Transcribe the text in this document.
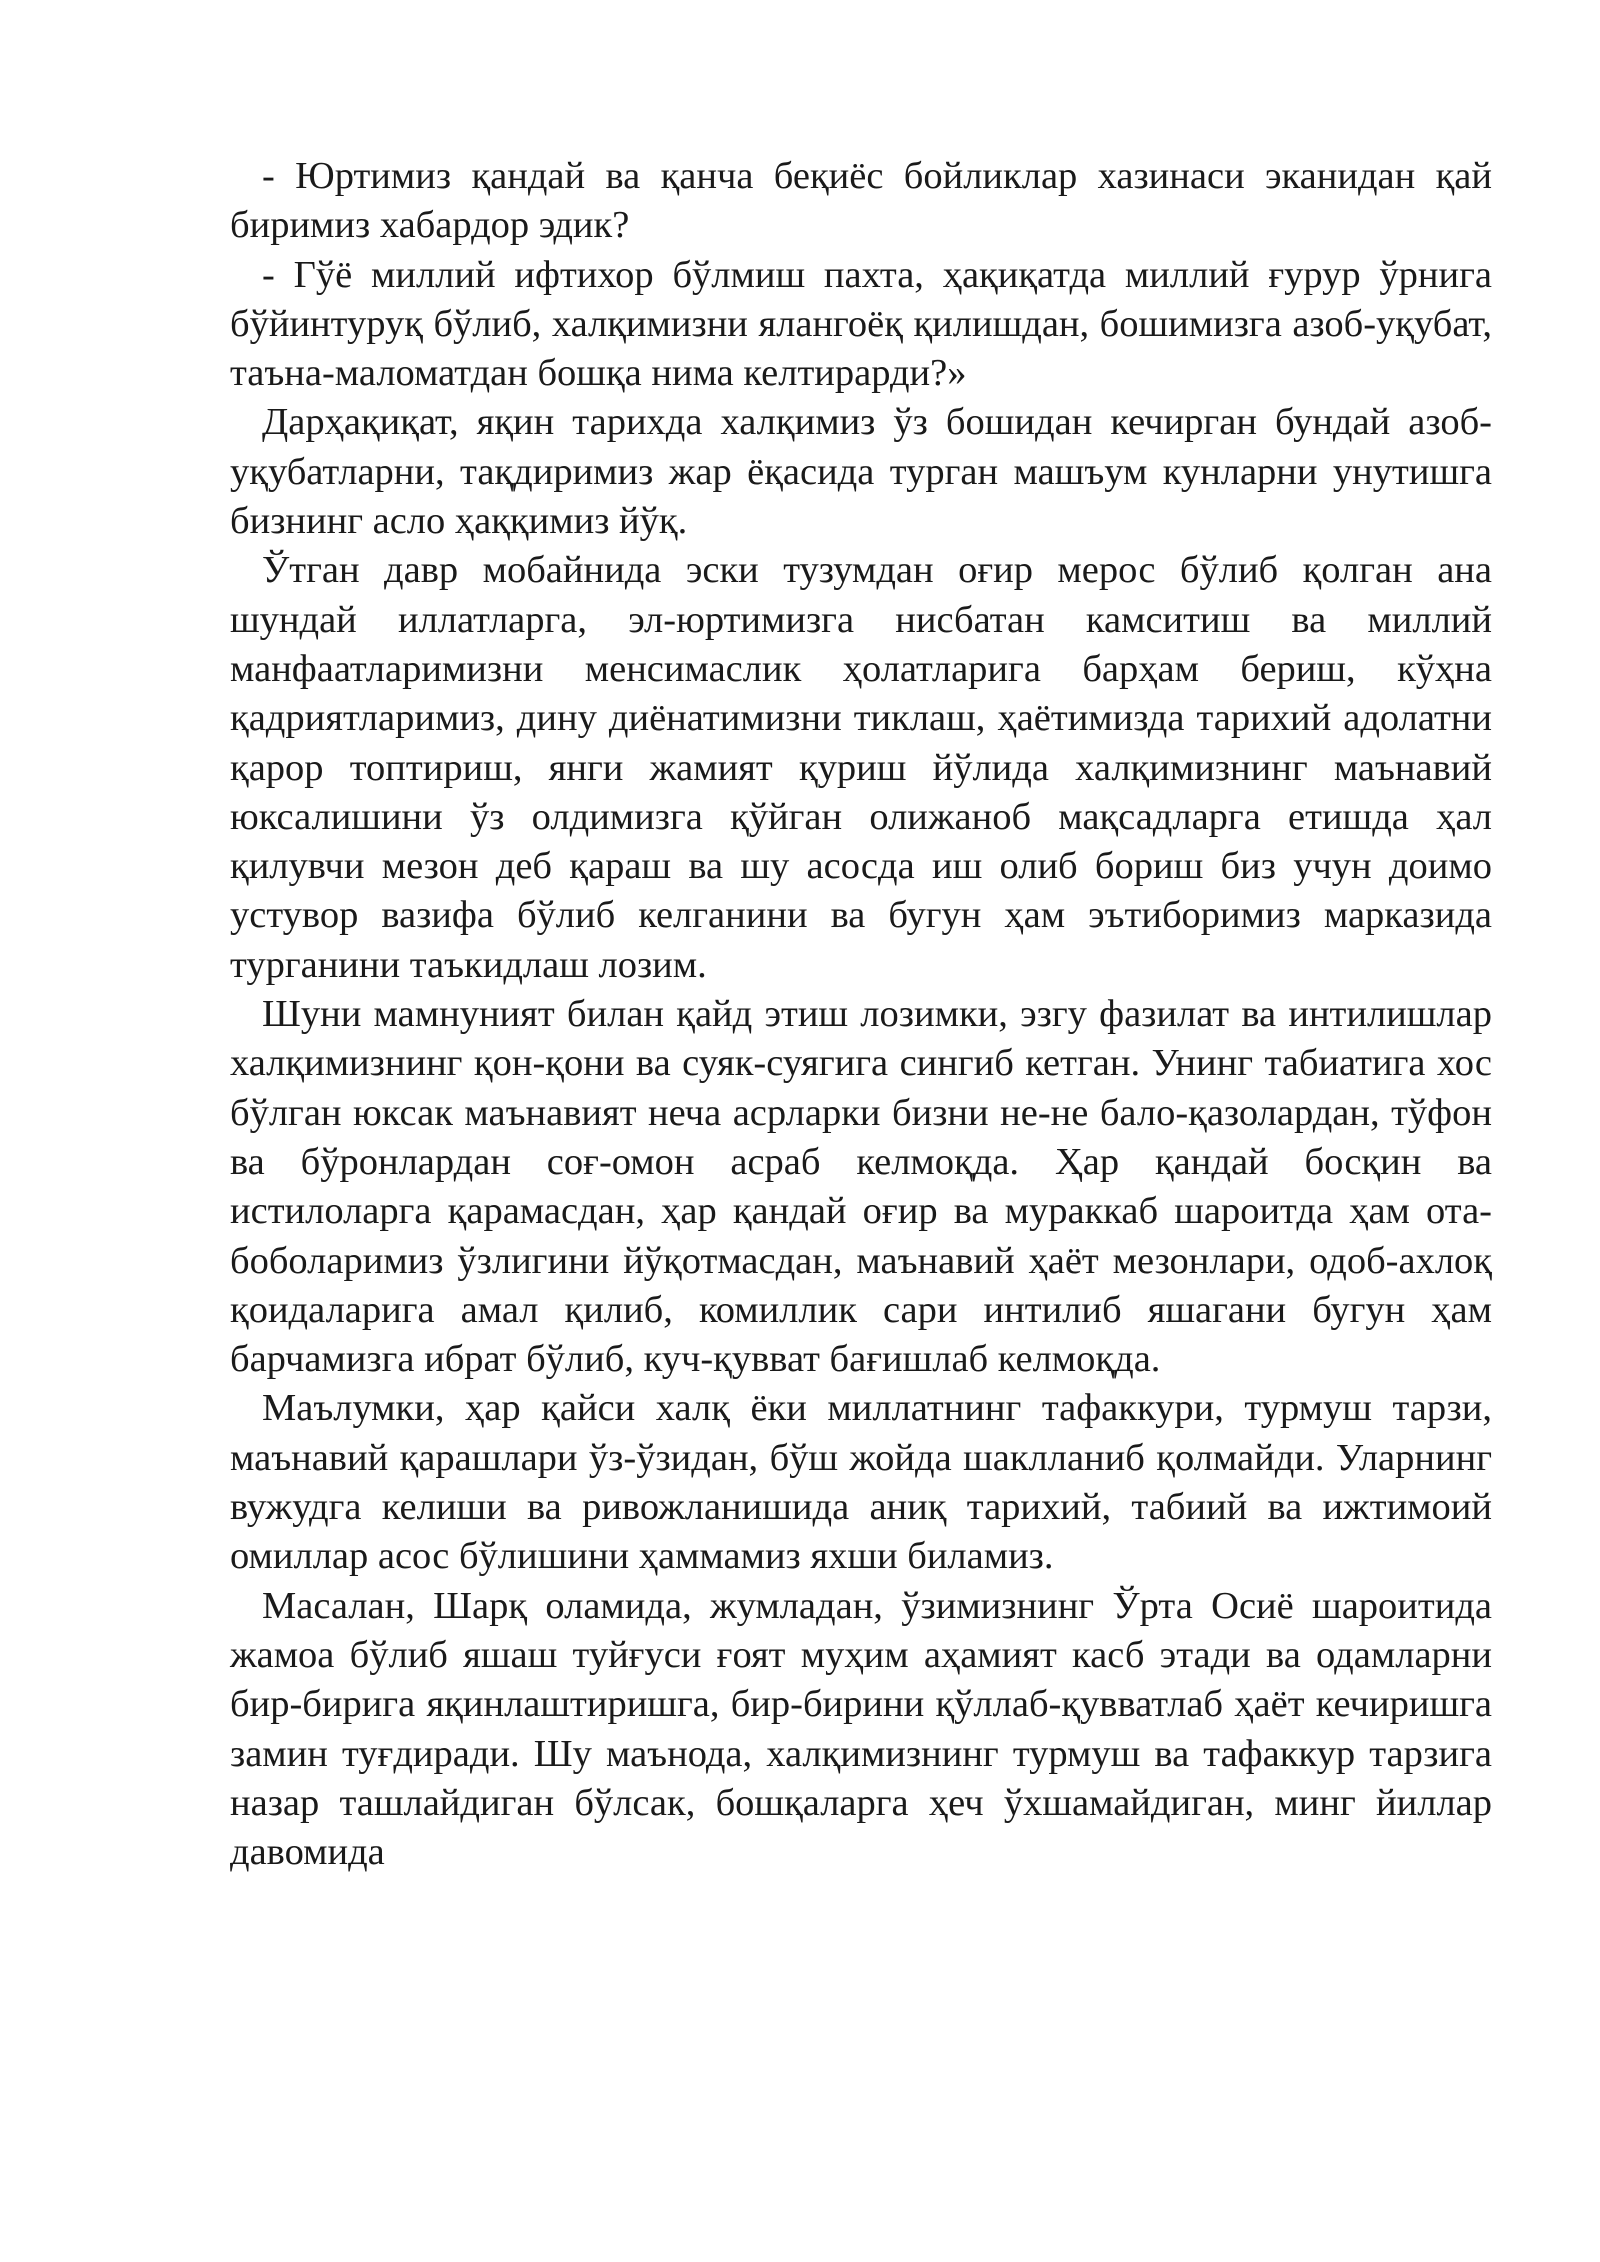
- Юртимиз қандай ва қанча беқиёс бойликлар хазинаси эканидан қай биримиз хабардор эдик?

- Гўё миллий ифтихор бўлмиш пахта, ҳақиқатда миллий ғурур ўрнига бўйинтуруқ бўлиб, халқимизни ялангоёқ қилишдан, бошимизга азоб-уқубат, таъна-маломатдан бошқа нима келтирарди?»

Дарҳақиқат, яқин тарихда халқимиз ўз бошидан кечирган бундай азоб-уқубатларни, тақдиримиз жар ёқасида турган машъум кунларни унутишга бизнинг асло ҳаққимиз йўқ.

Ўтган давр мобайнида эски тузумдан оғир мерос бўлиб қолган ана шундай иллатларга, эл-юртимизга нисбатан камситиш ва миллий манфаатларимизни менсимаслик ҳолатларига барҳам бериш, кўҳна қадриятларимиз, дину диёнатимизни тиклаш, ҳаётимизда тарихий адолатни қарор топтириш, янги жамият қуриш йўлида халқимизнинг маънавий юксалишини ўз олдимизга қўйган олижаноб мақсадларга етишда ҳал қилувчи мезон деб қараш ва шу асосда иш олиб бориш биз учун доимо устувор вазифа бўлиб келганини ва бугун ҳам эътиборимиз марказида турганини таъкидлаш лозим.

Шуни мамнуният билан қайд этиш лозимки, эзгу фазилат ва интилишлар халқимизнинг қон-қони ва суяк-суягига сингиб кетган. Унинг табиатига хос бўлган юксак маънавият неча асрларки бизни не-не бало-қазолардан, тўфон ва бўронлардан соғ-омон асраб келмоқда. Ҳар қандай босқин ва истилоларга қарамасдан, ҳар қандай оғир ва мураккаб шароитда ҳам ота-боболаримиз ўзлигини йўқотмасдан, маънавий ҳаёт мезонлари, одоб-ахлоқ қоидаларига амал қилиб, комиллик сари интилиб яшагани бугун ҳам барчамизга ибрат бўлиб, куч-қувват бағишлаб келмоқда.

Маълумки, ҳар қайси халқ ёки миллатнинг тафаккури, турмуш тарзи, маънавий қарашлари ўз-ўзидан, бўш жойда шаклланиб қолмайди. Уларнинг вужудга келиши ва ривожланишида аниқ тарихий, табиий ва ижтимоий омиллар асос бўлишини ҳаммамиз яхши биламиз.

Масалан, Шарқ оламида, жумладан, ўзимизнинг Ўрта Осиё шароитида жамоа бўлиб яшаш туйғуси ғоят муҳим аҳамият касб этади ва одамларни бир-бирига яқинлаштиришга, бир-бирини қўллаб-қувватлаб ҳаёт кечиришга замин туғдиради. Шу маънода, халқимизнинг турмуш ва тафаккур тарзига назар ташлайдиган бўлсак, бошқаларга ҳеч ўхшамайдиган, минг йиллар давомида
